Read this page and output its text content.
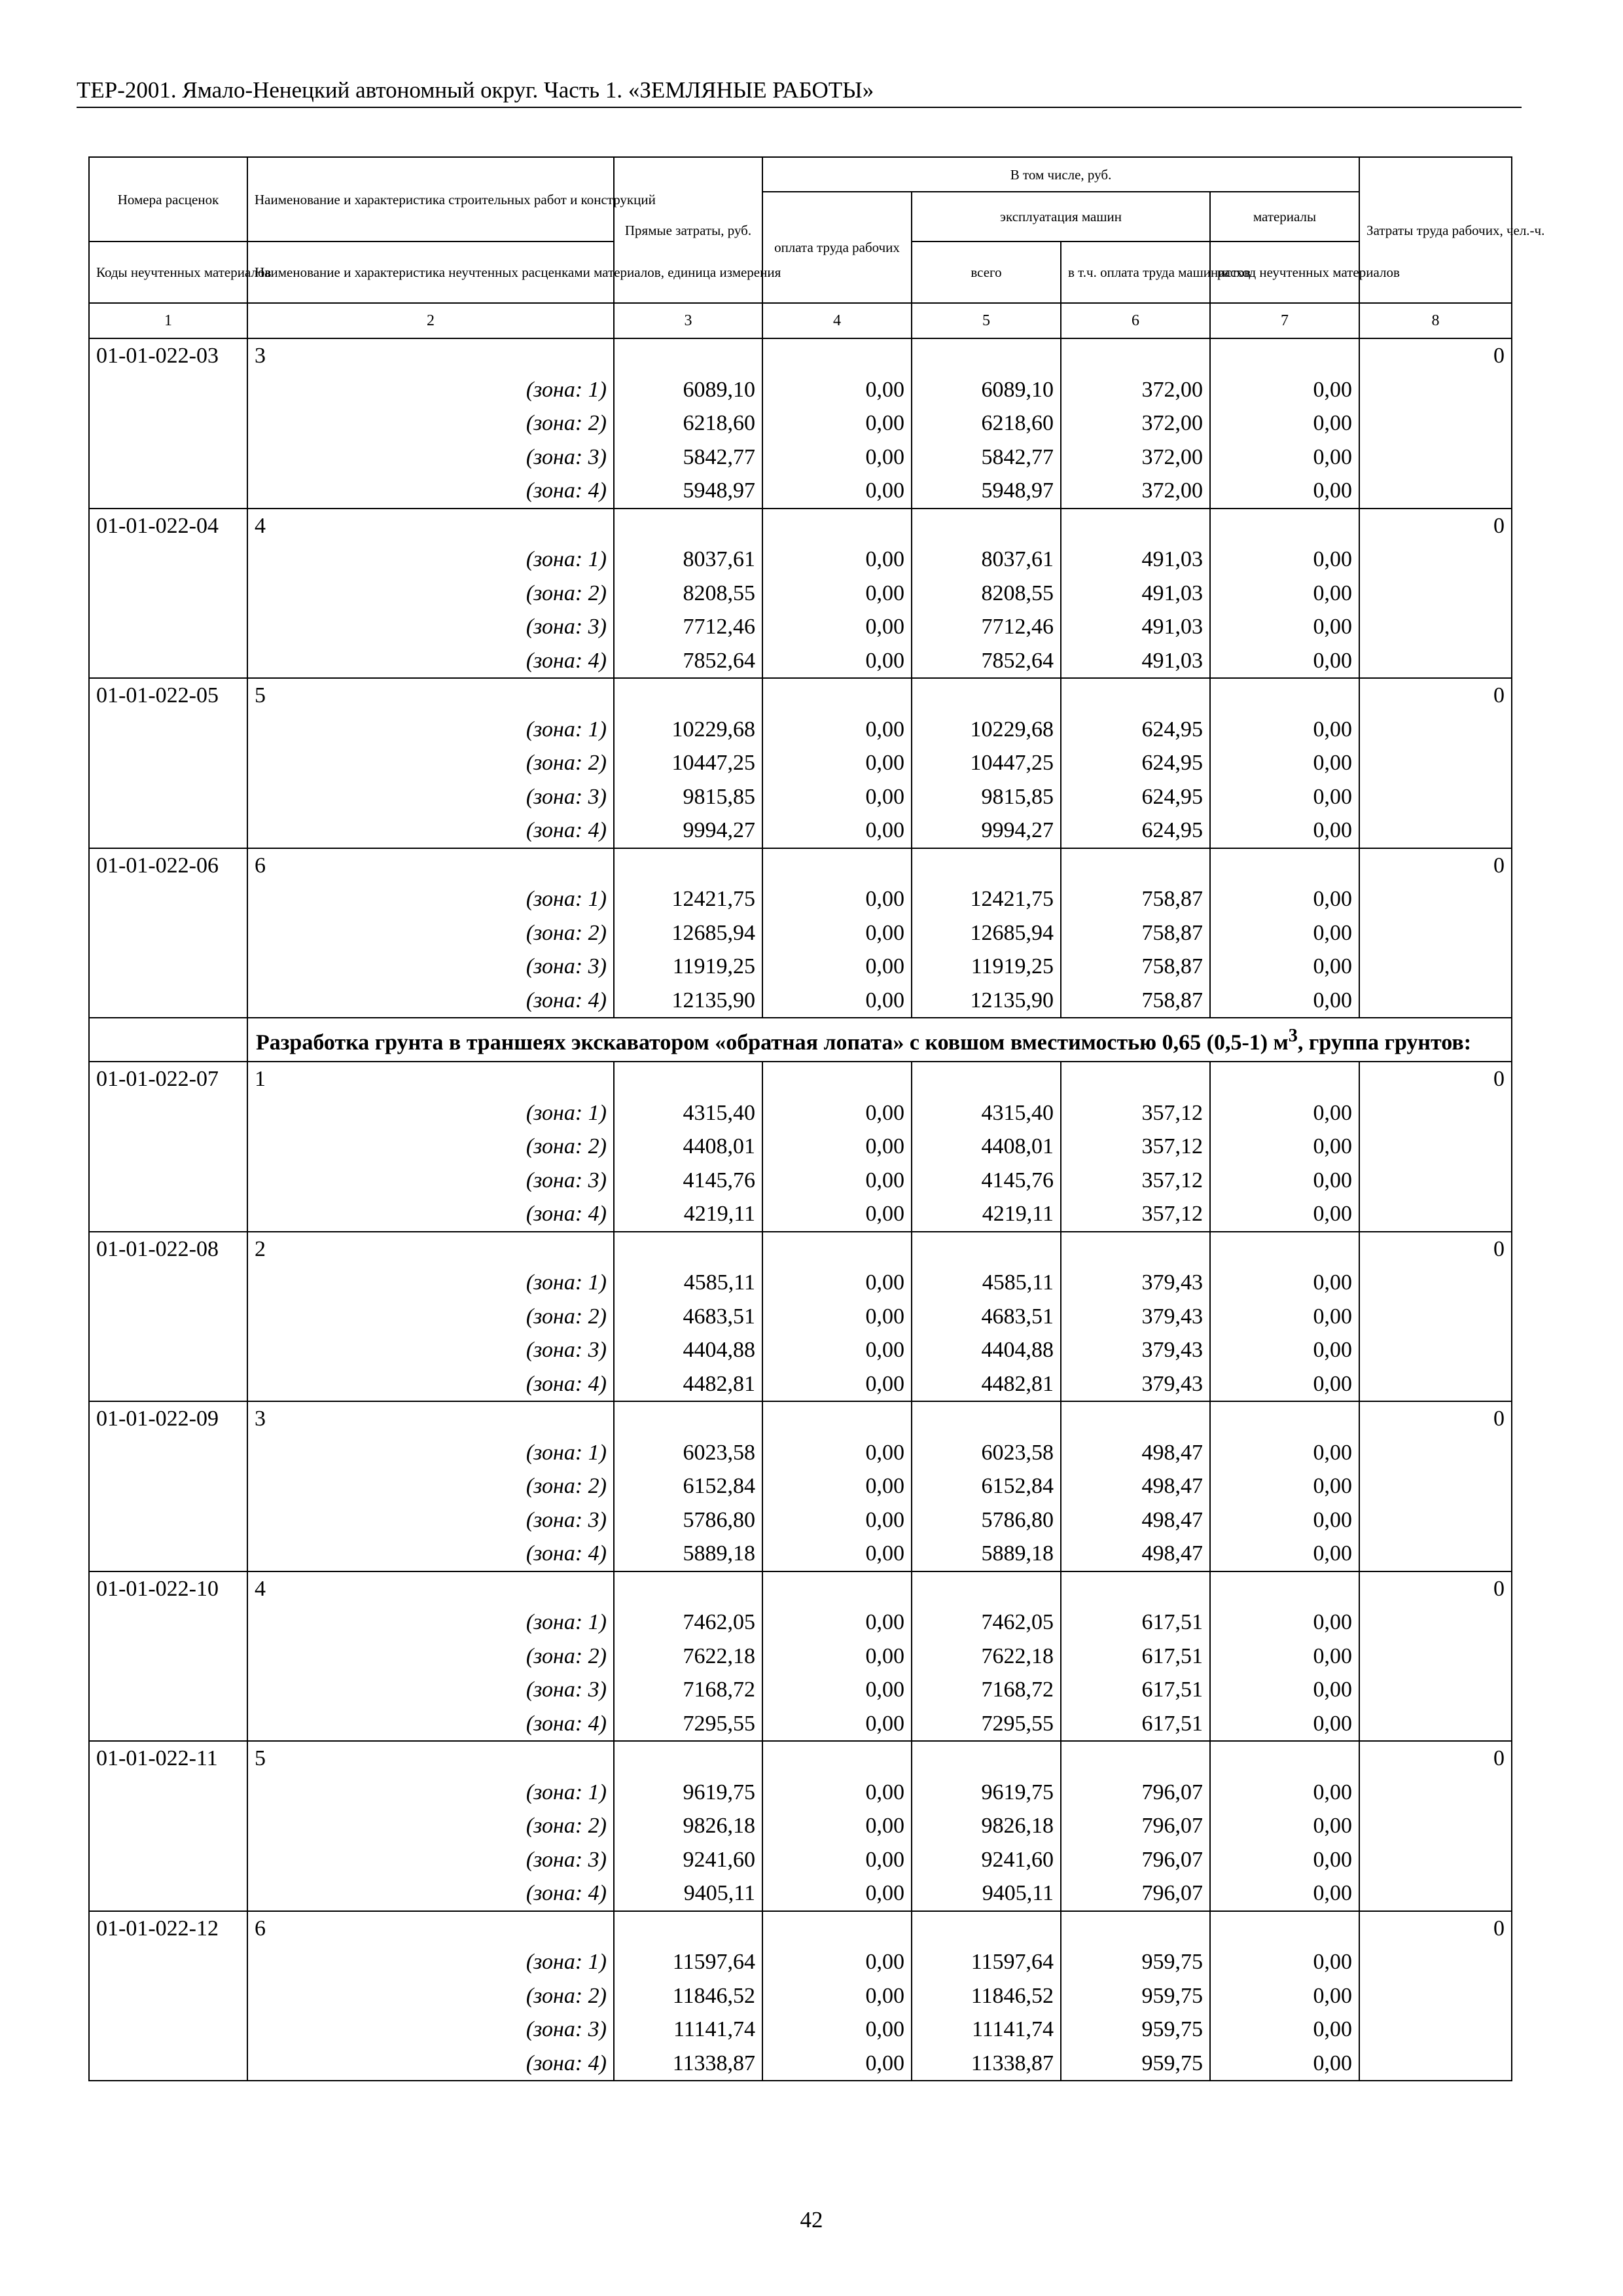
ТЕР-2001. Ямало-Ненецкий автономный округ. Часть 1. «ЗЕМЛЯНЫЕ РАБОТЫ»
Номера расценок	Наименование и характеристика строительных работ и конструкций	Прямые затраты, руб.	В том числе, руб.				Затраты труда рабочих, чел.-ч.
			оплата труда рабочих	эксплуатация машин		материалы	
Коды неучтенных материалов	Наименование и характеристика неучтенных расценками материалов, единица измерения			всего	в т.ч. оплата труда машинистов	расход неучтенных материалов	
1	2	3	4	5	6	7	8
01-01-022-03	3						0
	(зона: 1)	6089,10	0,00	6089,10	372,00	0,00	
	(зона: 2)	6218,60	0,00	6218,60	372,00	0,00	
	(зона: 3)	5842,77	0,00	5842,77	372,00	0,00	
	(зона: 4)	5948,97	0,00	5948,97	372,00	0,00	
01-01-022-04	4						0
	(зона: 1)	8037,61	0,00	8037,61	491,03	0,00	
	(зона: 2)	8208,55	0,00	8208,55	491,03	0,00	
	(зона: 3)	7712,46	0,00	7712,46	491,03	0,00	
	(зона: 4)	7852,64	0,00	7852,64	491,03	0,00	
01-01-022-05	5						0
	(зона: 1)	10229,68	0,00	10229,68	624,95	0,00	
	(зона: 2)	10447,25	0,00	10447,25	624,95	0,00	
	(зона: 3)	9815,85	0,00	9815,85	624,95	0,00	
	(зона: 4)	9994,27	0,00	9994,27	624,95	0,00	
01-01-022-06	6						0
	(зона: 1)	12421,75	0,00	12421,75	758,87	0,00	
	(зона: 2)	12685,94	0,00	12685,94	758,87	0,00	
	(зона: 3)	11919,25	0,00	11919,25	758,87	0,00	
	(зона: 4)	12135,90	0,00	12135,90	758,87	0,00	
	Разработка грунта в траншеях экскаватором «обратная лопата» с ковшом вместимостью 0,65 (0,5-1) $м^3$, группа грунтов:						
01-01-022-07	1						0
	(зона: 1)	4315,40	0,00	4315,40	357,12	0,00	
	(зона: 2)	4408,01	0,00	4408,01	357,12	0,00	
	(зона: 3)	4145,76	0,00	4145,76	357,12	0,00	
	(зона: 4)	4219,11	0,00	4219,11	357,12	0,00	
01-01-022-08	2						0
	(зона: 1)	4585,11	0,00	4585,11	379,43	0,00	
	(зона: 2)	4683,51	0,00	4683,51	379,43	0,00	
	(зона: 3)	4404,88	0,00	4404,88	379,43	0,00	
	(зона: 4)	4482,81	0,00	4482,81	379,43	0,00	
01-01-022-09	3						0
	(зона: 1)	6023,58	0,00	6023,58	498,47	0,00	
	(зона: 2)	6152,84	0,00	6152,84	498,47	0,00	
	(зона: 3)	5786,80	0,00	5786,80	498,47	0,00	
	(зона: 4)	5889,18	0,00	5889,18	498,47	0,00	
01-01-022-10	4						0
	(зона: 1)	7462,05	0,00	7462,05	617,51	0,00	
	(зона: 2)	7622,18	0,00	7622,18	617,51	0,00	
	(зона: 3)	7168,72	0,00	7168,72	617,51	0,00	
	(зона: 4)	7295,55	0,00	7295,55	617,51	0,00	
01-01-022-11	5						0
	(зона: 1)	9619,75	0,00	9619,75	796,07	0,00	
	(зона: 2)	9826,18	0,00	9826,18	796,07	0,00	
	(зона: 3)	9241,60	0,00	9241,60	796,07	0,00	
	(зона: 4)	9405,11	0,00	9405,11	796,07	0,00	
01-01-022-12	6						0
	(зона: 1)	11597,64	0,00	11597,64	959,75	0,00	
	(зона: 2)	11846,52	0,00	11846,52	959,75	0,00	
	(зона: 3)	11141,74	0,00	11141,74	959,75	0,00	
	(зона: 4)	11338,87	0,00	11338,87	959,75	0,00	
42
